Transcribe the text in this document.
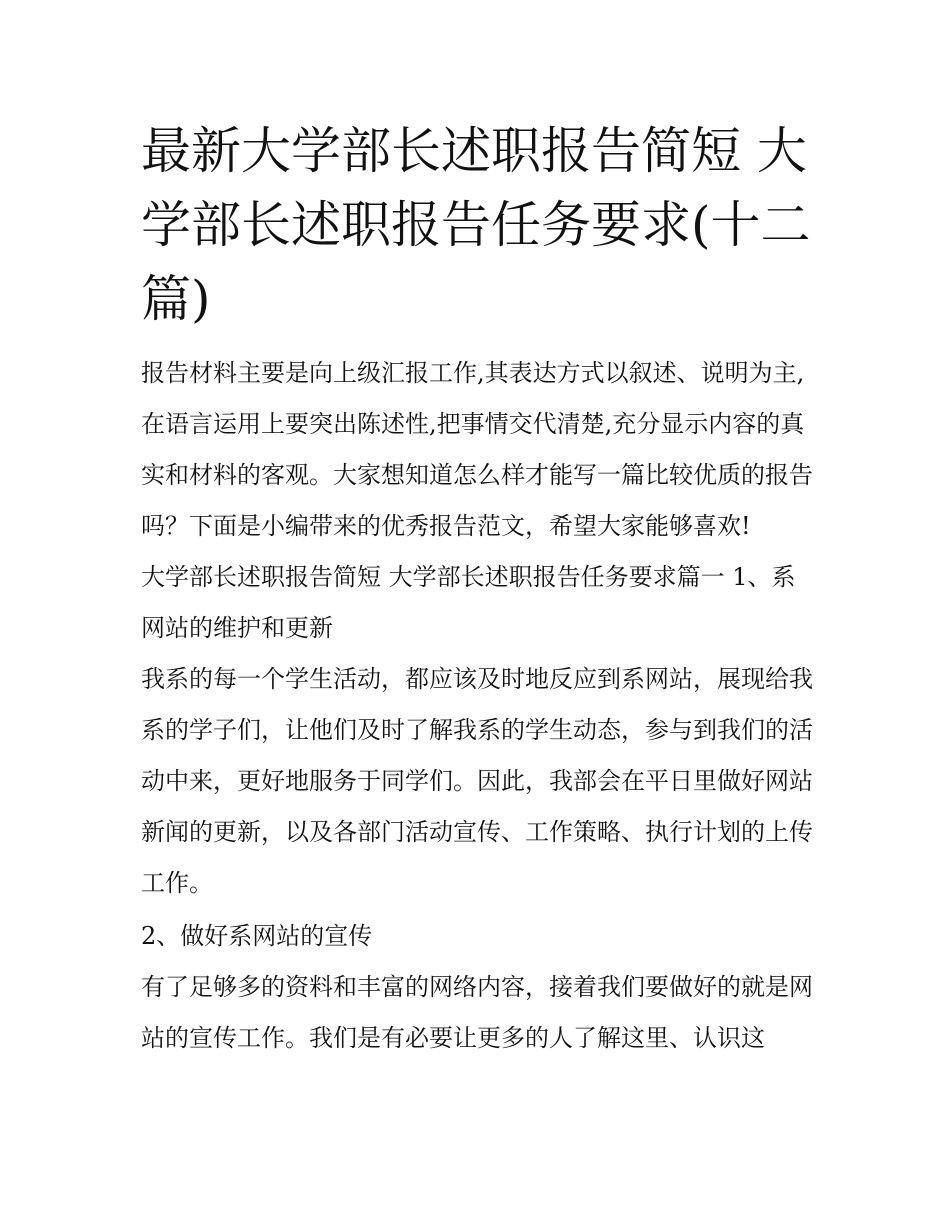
最新大学部长述职报告简短 大学部长述职报告任务要求(十二篇)

报告材料主要是向上级汇报工作,其表达方式以叙述、说明为主,在语言运用上要突出陈述性,把事情交代清楚,充分显示内容的真实和材料的客观。大家想知道怎么样才能写一篇比较优质的报告吗？下面是小编带来的优秀报告范文，希望大家能够喜欢!

大学部长述职报告简短 大学部长述职报告任务要求篇一 1、系网站的维护和更新

我系的每一个学生活动，都应该及时地反应到系网站，展现给我系的学子们，让他们及时了解我系的学生动态，参与到我们的活动中来，更好地服务于同学们。因此，我部会在平日里做好网站新闻的更新，以及各部门活动宣传、工作策略、执行计划的上传工作。

2、做好系网站的宣传

有了足够多的资料和丰富的网络内容，接着我们要做好的就是网站的宣传工作。我们是有必要让更多的人了解这里、认识这
